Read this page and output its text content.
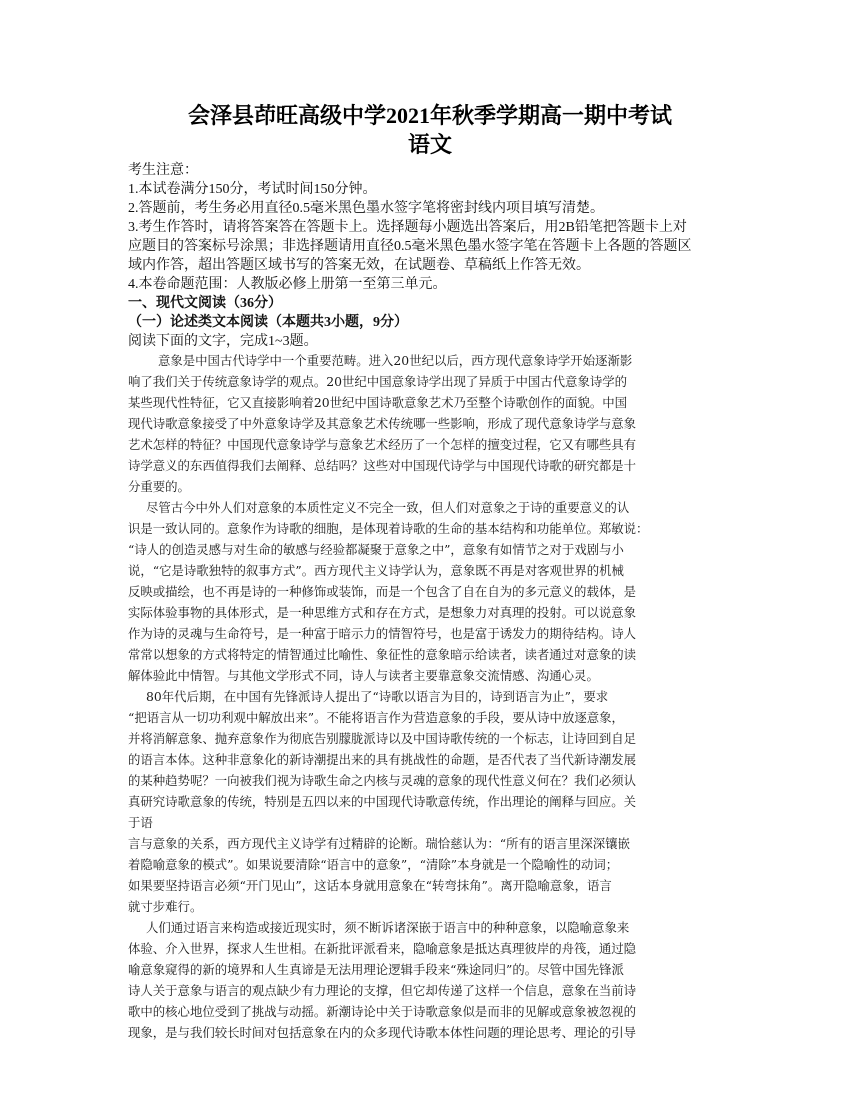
会泽县茚旺高级中学2021年秋季学期高一期中考试
语文
考生注意：
1.本试卷满分150分，考试时间150分钟。
2.答题前，考生务必用直径0.5毫米黑色墨水签字笔将密封线内项目填写清楚。
3.考生作答时，请将答案答在答题卡上。选择题每小题选出答案后，用2B铅笔把答题卡上对
应题目的答案标号涂黑；非选择题请用直径0.5毫米黑色墨水签字笔在答题卡上各题的答题区
域内作答，超出答题区域书写的答案无效，在试题卷、草稿纸上作答无效。
4.本卷命题范围：人教版必修上册第一至第三单元。
一、现代文阅读（36分）
（一）论述类文本阅读（本题共3小题，9分）
阅读下面的文字，完成1~3题。
意象是中国古代诗学中一个重要范畴。进入20世纪以后，西方现代意象诗学开始逐渐影
响了我们关于传统意象诗学的观点。20世纪中国意象诗学出现了异质于中国古代意象诗学的
某些现代性特征，它又直接影响着20世纪中国诗歌意象艺术乃至整个诗歌创作的面貌。中国
现代诗歌意象接受了中外意象诗学及其意象艺术传统哪一些影响，形成了现代意象诗学与意象
艺术怎样的特征？中国现代意象诗学与意象艺术经历了一个怎样的擅变过程，它又有哪些具有
诗学意义的东西值得我们去阐释、总结吗？这些对中国现代诗学与中国现代诗歌的研究都是十
分重要的。
尽管古今中外人们对意象的本质性定义不完全一致，但人们对意象之于诗的重要意义的认
识是一致认同的。意象作为诗歌的细胞，是体现着诗歌的生命的基本结构和功能单位。郑敏说：
“诗人的创造灵感与对生命的敏感与经验都凝聚于意象之中”，意象有如情节之对于戏剧与小
说，“它是诗歌独特的叙事方式”。西方现代主义诗学认为，意象既不再是对客观世界的机械
反映或描绘，也不再是诗的一种修饰或装饰，而是一个包含了自在自为的多元意义的载体，是
实际体验事物的具体形式，是一种思维方式和存在方式，是想象力对真理的投射。可以说意象
作为诗的灵魂与生命符号，是一种富于暗示力的情智符号，也是富于诱发力的期待结构。诗人
常常以想象的方式将特定的情智通过比喻性、象征性的意象暗示给读者，读者通过对意象的读
解体验此中情智。与其他文学形式不同，诗人与读者主要靠意象交流情感、沟通心灵。
80年代后期，在中国有先锋派诗人提出了“诗歌以语言为目的，诗到语言为止”，要求
“把语言从一切功利观中解放出来”。不能将语言作为营造意象的手段，要从诗中放逐意象，
并将消解意象、抛弃意象作为彻底告别朦胧派诗以及中国诗歌传统的一个标志，让诗回到自足
的语言本体。这种非意象化的新诗潮提出来的具有挑战性的命题，是否代表了当代新诗潮发展
的某种趋势呢？一向被我们视为诗歌生命之内核与灵魂的意象的现代性意义何在？我们必须认
真研究诗歌意象的传统，特别是五四以来的中国现代诗歌意传统，作出理论的阐释与回应。关
于语
言与意象的关系，西方现代主义诗学有过精辟的论断。瑞恰慈认为：“所有的语言里深深镶嵌
着隐喻意象的模式”。如果说要清除“语言中的意象”，“清除”本身就是一个隐喻性的动词；
如果要坚持语言必须“开门见山”，这话本身就用意象在“转弯抹角”。离开隐喻意象，语言
就寸步难行。
人们通过语言来构造或接近现实时，须不断诉诸深嵌于语言中的种种意象，以隐喻意象来
体验、介入世界，探求人生世相。在新批评派看来，隐喻意象是抵达真理彼岸的舟筏，通过隐
喻意象窥得的新的境界和人生真谛是无法用理论逻辑手段来“殊途同归”的。尽管中国先锋派
诗人关于意象与语言的观点缺少有力理论的支撑，但它却传递了这样一个信息，意象在当前诗
歌中的核心地位受到了挑战与动摇。新潮诗论中关于诗歌意象似是而非的见解或意象被忽视的
现象，是与我们较长时间对包括意象在内的众多现代诗歌本体性问题的理论思考、理论的引导
